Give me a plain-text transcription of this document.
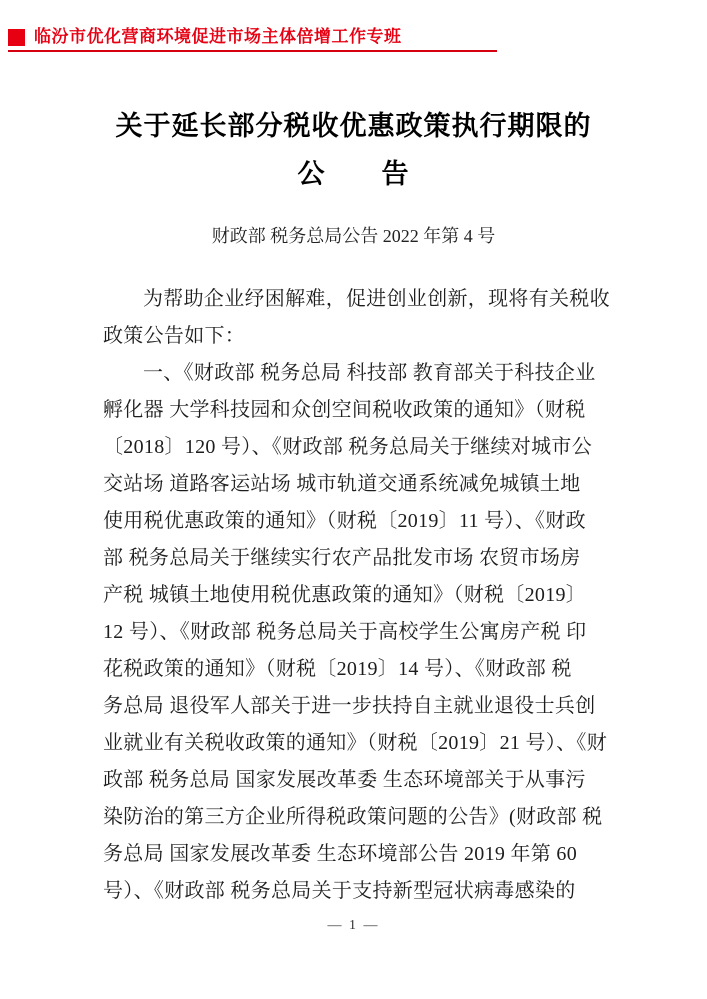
临汾市优化营商环境促进市场主体倍增工作专班
关于延长部分税收优惠政策执行期限的
公　　告
财政部 税务总局公告 2022 年第 4 号
为帮助企业纾困解难，促进创业创新，现将有关税收
政策公告如下：
一、《财政部 税务总局 科技部 教育部关于科技企业
孵化器 大学科技园和众创空间税收政策的通知》（财税
〔2018〕120 号）、《财政部 税务总局关于继续对城市公
交站场 道路客运站场 城市轨道交通系统减免城镇土地
使用税优惠政策的通知》（财税〔2019〕11 号）、《财政
部 税务总局关于继续实行农产品批发市场 农贸市场房
产税 城镇土地使用税优惠政策的通知》（财税〔2019〕
12 号）、《财政部 税务总局关于高校学生公寓房产税 印
花税政策的通知》（财税〔2019〕14 号）、《财政部 税
务总局 退役军人部关于进一步扶持自主就业退役士兵创
业就业有关税收政策的通知》（财税〔2019〕21 号）、《财
政部 税务总局 国家发展改革委 生态环境部关于从事污
染防治的第三方企业所得税政策问题的公告》(财政部 税
务总局 国家发展改革委 生态环境部公告 2019 年第 60
号）、《财政部 税务总局关于支持新型冠状病毒感染的
— 1 —
